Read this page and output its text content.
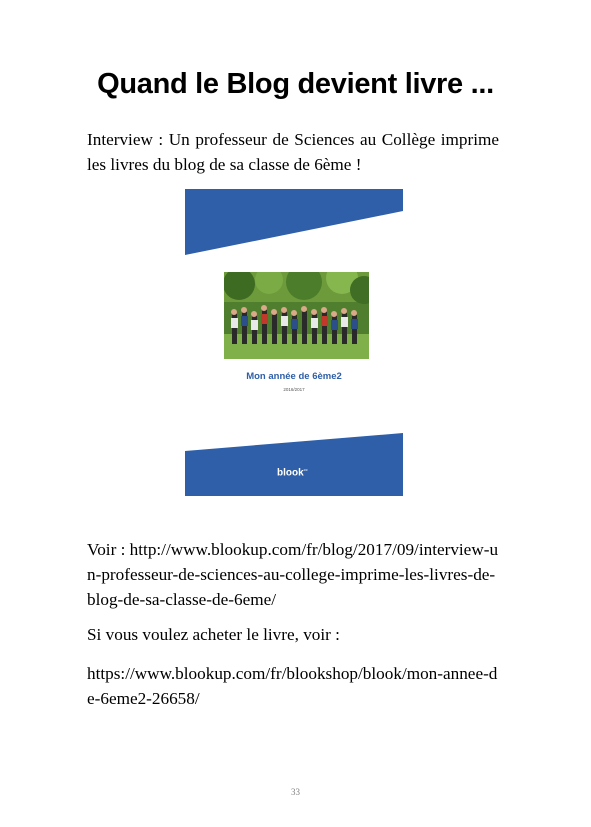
Quand le Blog devient livre ...

Interview : Un professeur de Sciences au Collège imprime les livres du blog de sa classe de 6ème !

Mon année de 6ème2
2016/2017
blook$^{cc}$

Voir : http://www.blookup.com/fr/blog/2017/09/interview-un-professeur-de-sciences-au-college-imprime-les-livres-de-blog-de-sa-classe-de-6eme/

Si vous voulez acheter le livre, voir :

https://www.blookup.com/fr/blookshop/blook/mon-annee-de-6eme2-26658/

33
